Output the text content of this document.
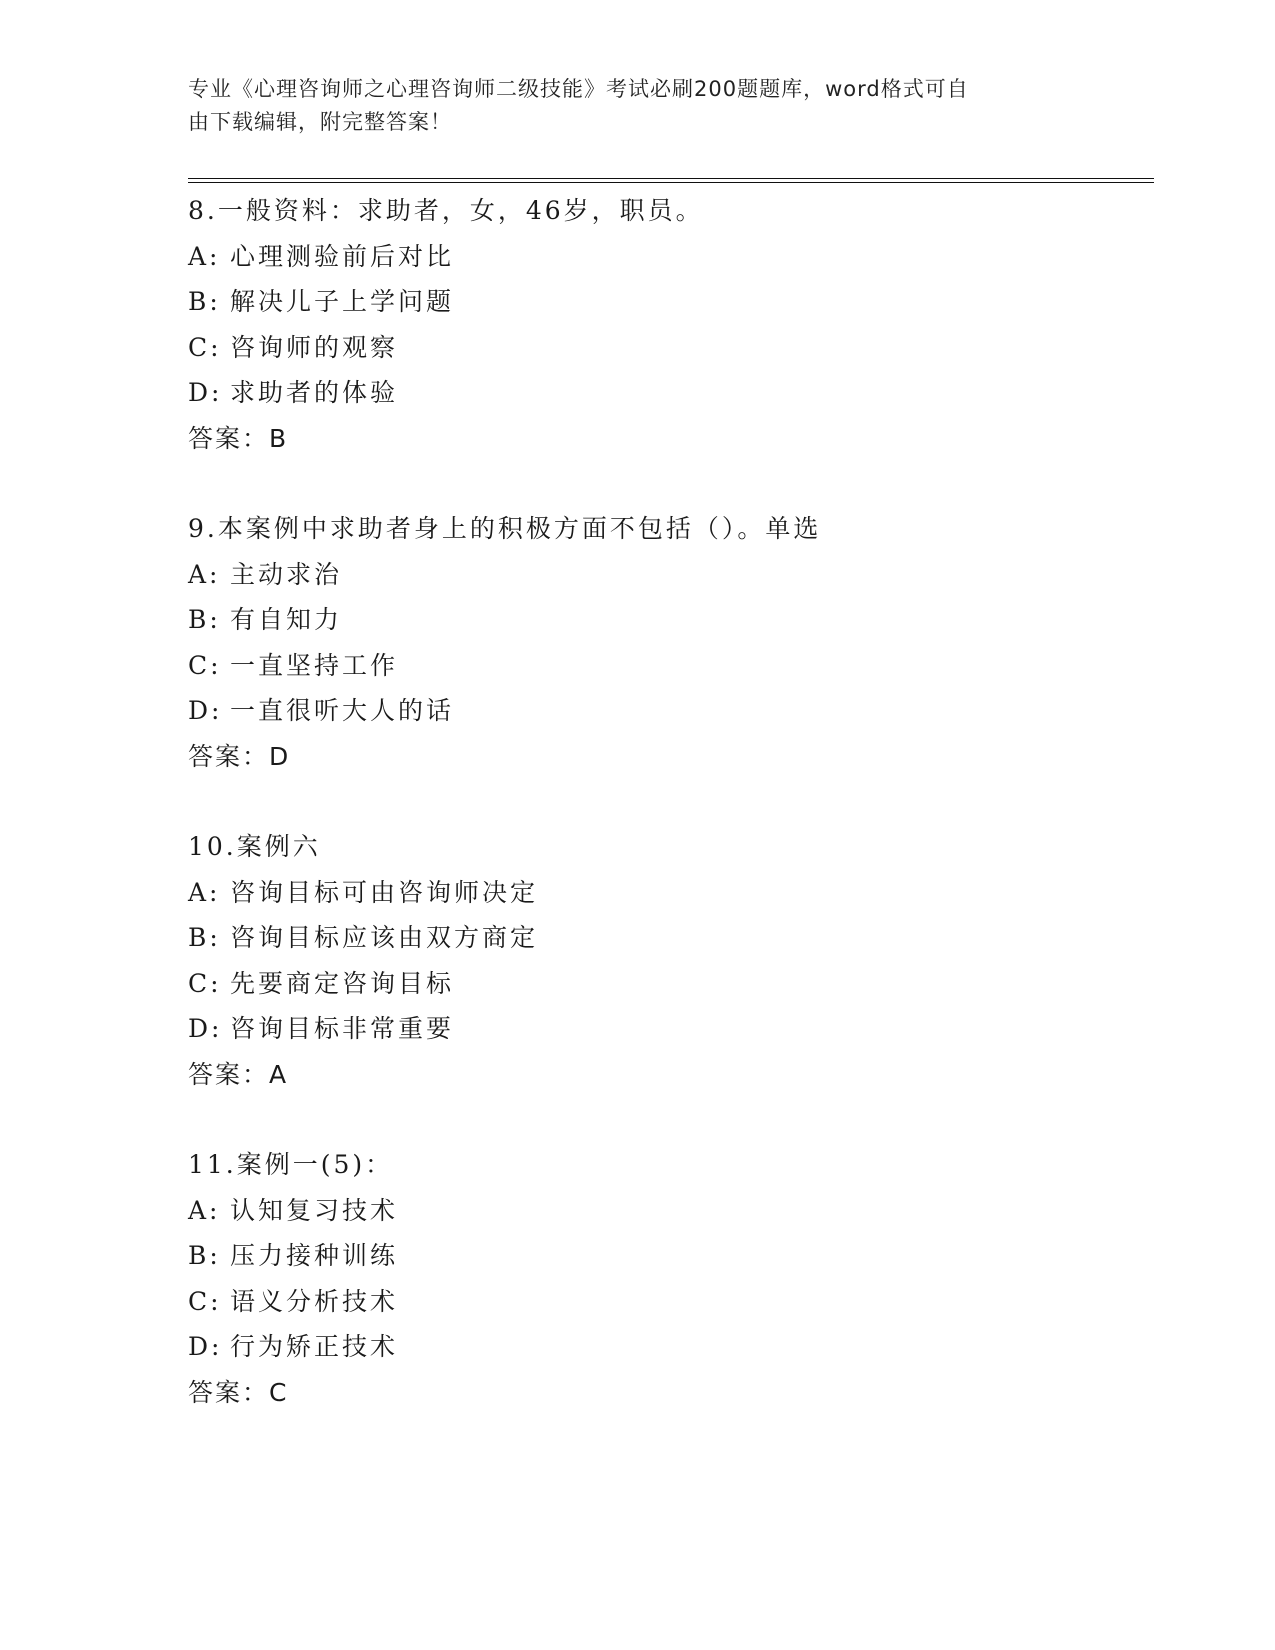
专业《心理咨询师之心理咨询师二级技能》考试必刷200题题库，word格式可自
由下载编辑，附完整答案！
8.一般资料：求助者，女，46岁，职员。
A: 心理测验前后对比
B: 解决儿子上学问题
C: 咨询师的观察
D: 求助者的体验
答案：B
9.本案例中求助者身上的积极方面不包括（）。单选
A: 主动求治
B: 有自知力
C: 一直坚持工作
D: 一直很听大人的话
答案：D
10.案例六
A: 咨询目标可由咨询师决定
B: 咨询目标应该由双方商定
C: 先要商定咨询目标
D: 咨询目标非常重要
答案：A
11.案例一(5)：
A: 认知复习技术
B: 压力接种训练
C: 语义分析技术
D: 行为矫正技术
答案：C
